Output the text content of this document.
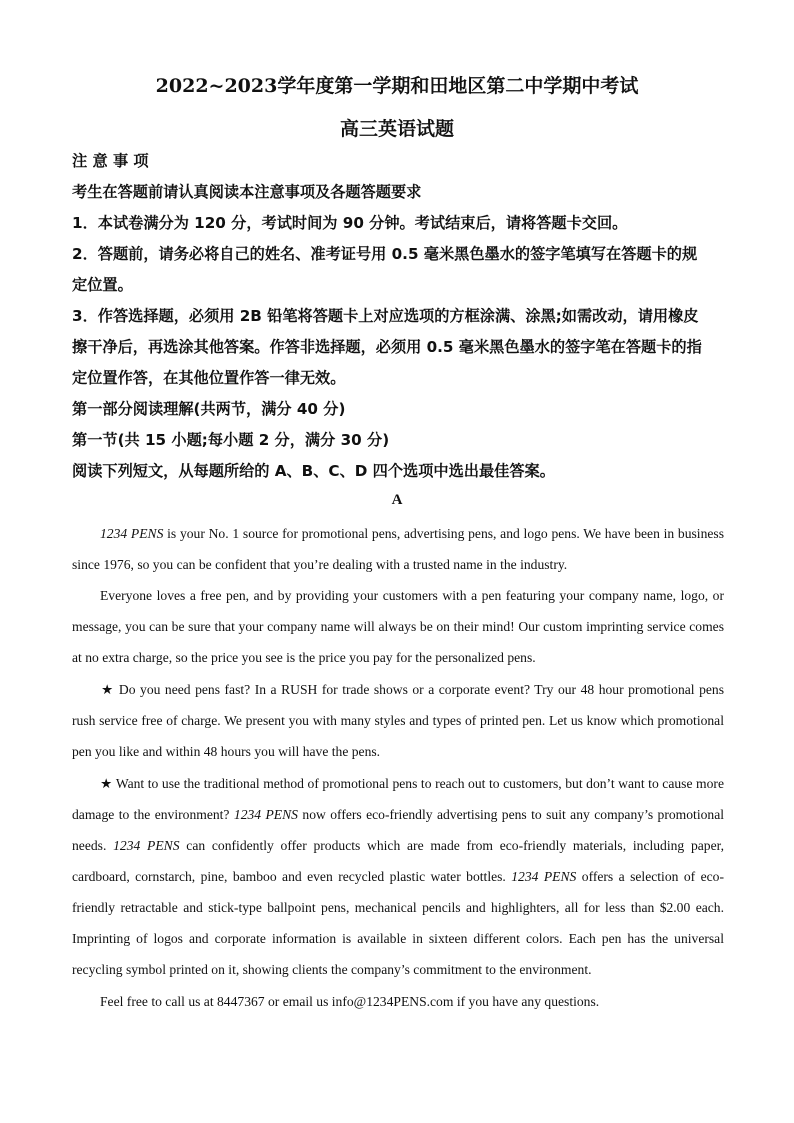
2022~2023学年度第一学期和田地区第二中学期中考试
高三英语试题
注 意 事 项
考生在答题前请认真阅读本注意事项及各题答题要求
1．本试卷满分为 120 分，考试时间为 90 分钟。考试结束后，请将答题卡交回。
2．答题前，请务必将自己的姓名、准考证号用 0.5 毫米黑色墨水的签字笔填写在答题卡的规
定位置。
3．作答选择题，必须用 2B 铅笔将答题卡上对应选项的方框涂满、涂黑;如需改动，请用橡皮
擦干净后，再选涂其他答案。作答非选择题，必须用 0.5 毫米黑色墨水的签字笔在答题卡的指
定位置作答，在其他位置作答一律无效。
第一部分阅读理解(共两节，满分 40 分)
第一节(共 15 小题;每小题 2 分，满分 30 分)
阅读下列短文，从每题所给的 A、B、C、D 四个选项中选出最佳答案。
A
1234 PENS is your No. 1 source for promotional pens, advertising pens, and logo pens. We have been in business since 1976, so you can be confident that you’re dealing with a trusted name in the industry.
Everyone loves a free pen, and by providing your customers with a pen featuring your company name, logo, or message, you can be sure that your company name will always be on their mind! Our custom imprinting service comes at no extra charge, so the price you see is the price you pay for the personalized pens.
★ Do you need pens fast? In a RUSH for trade shows or a corporate event? Try our 48 hour promotional pens rush service free of charge. We present you with many styles and types of printed pen. Let us know which promotional pen you like and within 48 hours you will have the pens.
★ Want to use the traditional method of promotional pens to reach out to customers, but don’t want to cause more damage to the environment? 1234 PENS now offers eco-friendly advertising pens to suit any company’s promotional needs. 1234 PENS can confidently offer products which are made from eco-friendly materials, including paper, cardboard, cornstarch, pine, bamboo and even recycled plastic water bottles. 1234 PENS offers a selection of eco-friendly retractable and stick-type ballpoint pens, mechanical pencils and highlighters, all for less than $2.00 each. Imprinting of logos and corporate information is available in sixteen different colors. Each pen has the universal recycling symbol printed on it, showing clients the company’s commitment to the environment.
Feel free to call us at 8447367 or email us info@1234PENS.com if you have any questions.
